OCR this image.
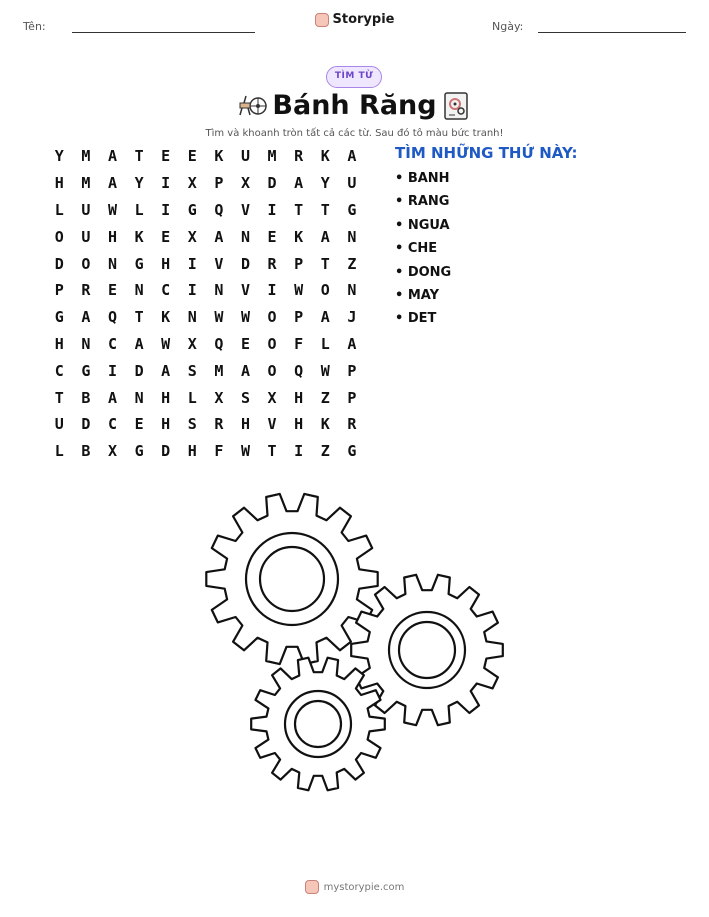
Tên:	Ngày:
Storypie
TÌM TỪ
Bánh Răng
Tìm và khoanh tròn tất cả các từ. Sau đó tô màu bức tranh!
Y	M	A	T	E	E	K	U	M	R	K	A
H	M	A	Y	I	X	P	X	D	A	Y	U
L	U	W	L	I	G	Q	V	I	T	T	G
O	U	H	K	E	X	A	N	E	K	A	N
D	O	N	G	H	I	V	D	R	P	T	Z
P	R	E	N	C	I	N	V	I	W	O	N
G	A	Q	T	K	N	W	W	O	P	A	J
H	N	C	A	W	X	Q	E	O	F	L	A
C	G	I	D	A	S	M	A	O	Q	W	P
T	B	A	N	H	L	X	S	X	H	Z	P
U	D	C	E	H	S	R	H	V	H	K	R
L	B	X	G	D	H	F	W	T	I	Z	G
TÌM NHỮNG THỨ NÀY:
• BANH
• RANG
• NGUA
• CHE
• DONG
• MAY
• DET
mystorypie.com
